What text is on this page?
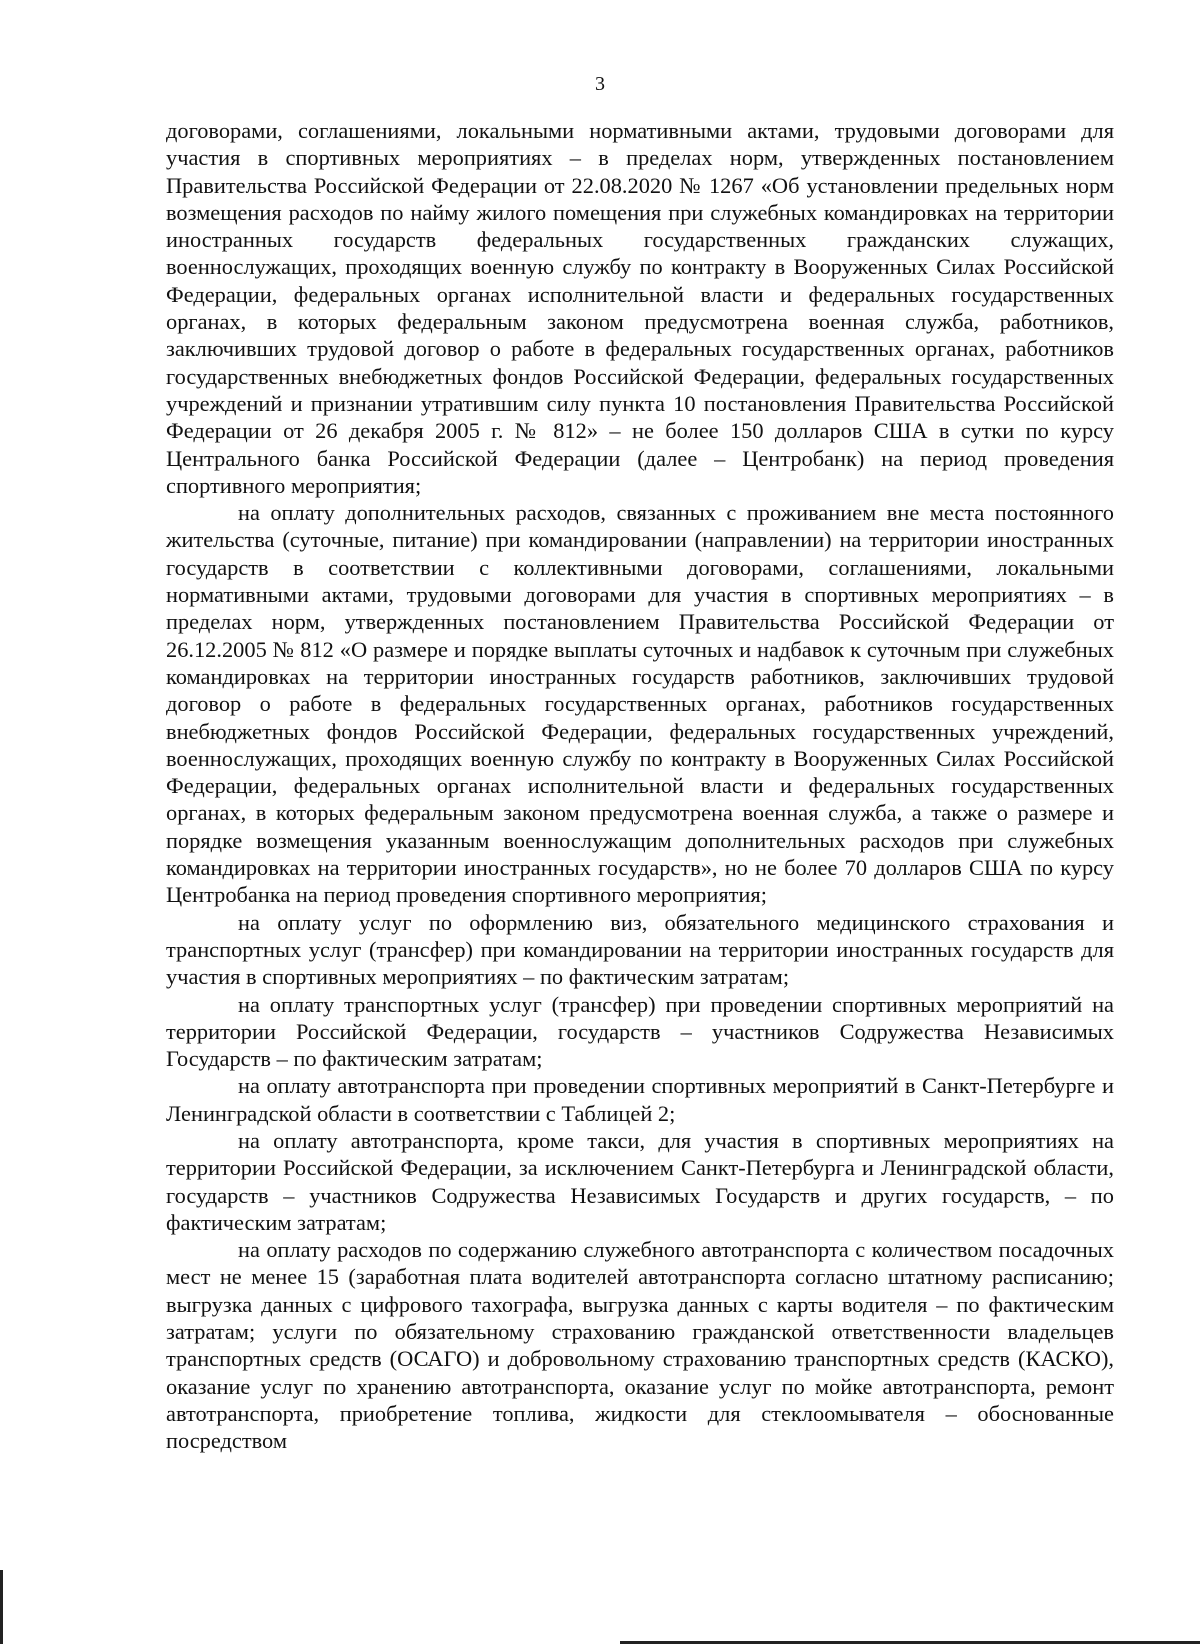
3

договорами, соглашениями, локальными нормативными актами, трудовыми договорами для участия в спортивных мероприятиях – в пределах норм, утвержденных постановлением Правительства Российской Федерации от 22.08.2020 № 1267 «Об установлении предельных норм возмещения расходов по найму жилого помещения при служебных командировках на территории иностранных государств федеральных государственных гражданских служащих, военнослужащих, проходящих военную службу по контракту в Вооруженных Силах Российской Федерации, федеральных органах исполнительной власти и федеральных государственных органах, в которых федеральным законом предусмотрена военная служба, работников, заключивших трудовой договор о работе в федеральных государственных органах, работников государственных внебюджетных фондов Российской Федерации, федеральных государственных учреждений и признании утратившим силу пункта 10 постановления Правительства Российской Федерации от 26 декабря 2005 г. № 812» – не более 150 долларов США в сутки по курсу Центрального банка Российской Федерации (далее – Центробанк) на период проведения спортивного мероприятия;

на оплату дополнительных расходов, связанных с проживанием вне места постоянного жительства (суточные, питание) при командировании (направлении) на территории иностранных государств в соответствии с коллективными договорами, соглашениями, локальными нормативными актами, трудовыми договорами для участия в спортивных мероприятиях – в пределах норм, утвержденных постановлением Правительства Российской Федерации от 26.12.2005 № 812 «О размере и порядке выплаты суточных и надбавок к суточным при служебных командировках на территории иностранных государств работников, заключивших трудовой договор о работе в федеральных государственных органах, работников государственных внебюджетных фондов Российской Федерации, федеральных государственных учреждений, военнослужащих, проходящих военную службу по контракту в Вооруженных Силах Российской Федерации, федеральных органах исполнительной власти и федеральных государственных органах, в которых федеральным законом предусмотрена военная служба, а также о размере и порядке возмещения указанным военнослужащим дополнительных расходов при служебных командировках на территории иностранных государств», но не более 70 долларов США по курсу Центробанка на период проведения спортивного мероприятия;

на оплату услуг по оформлению виз, обязательного медицинского страхования и транспортных услуг (трансфер) при командировании на территории иностранных государств для участия в спортивных мероприятиях – по фактическим затратам;

на оплату транспортных услуг (трансфер) при проведении спортивных мероприятий на территории Российской Федерации, государств – участников Содружества Независимых Государств – по фактическим затратам;

на оплату автотранспорта при проведении спортивных мероприятий в Санкт-Петербурге и Ленинградской области в соответствии с Таблицей 2;

на оплату автотранспорта, кроме такси, для участия в спортивных мероприятиях на территории Российской Федерации, за исключением Санкт-Петербурга и Ленинградской области, государств – участников Содружества Независимых Государств и других государств, – по фактическим затратам;

на оплату расходов по содержанию служебного автотранспорта с количеством посадочных мест не менее 15 (заработная плата водителей автотранспорта согласно штатному расписанию; выгрузка данных с цифрового тахографа, выгрузка данных с карты водителя – по фактическим затратам; услуги по обязательному страхованию гражданской ответственности владельцев транспортных средств (ОСАГО) и добровольному страхованию транспортных средств (КАСКО), оказание услуг по хранению автотранспорта, оказание услуг по мойке автотранспорта, ремонт автотранспорта, приобретение топлива, жидкости для стеклоомывателя – обоснованные посредством
